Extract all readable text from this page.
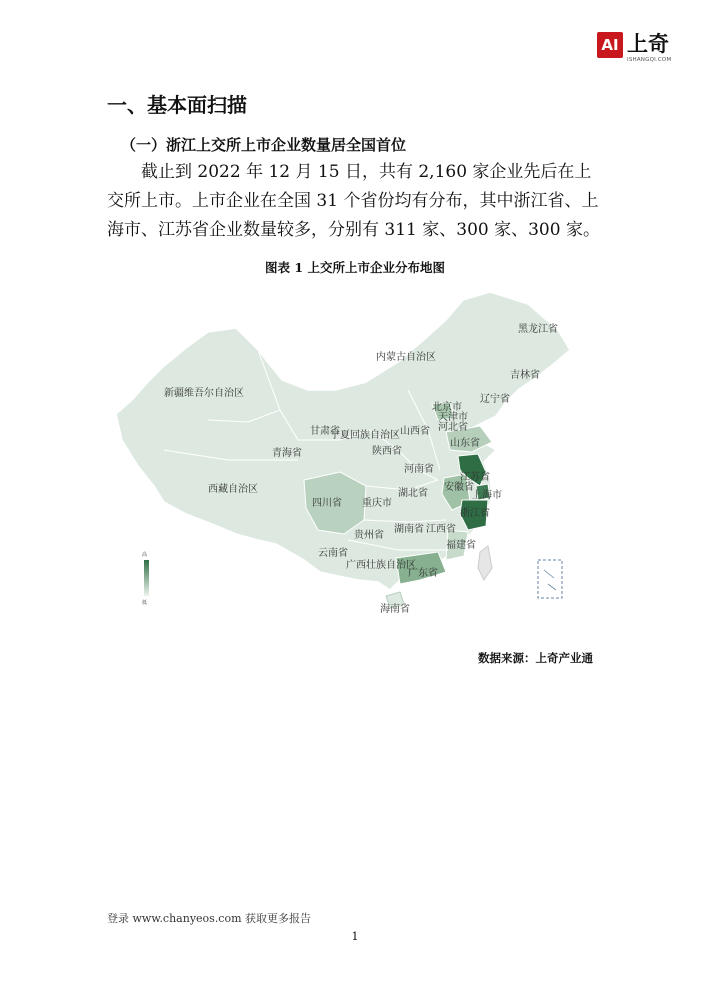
AI 上奇
ISHANGQI.COM
一、基本面扫描
（一）浙江上交所上市企业数量居全国首位

截止到 2022 年 12 月 15 日，共有 2,160 家企业先后在上交所上市。上市企业在全国 31 个省份均有分布，其中浙江省、上海市、江苏省企业数量较多，分别有 311 家、300 家、300 家。

图表 1 上交所上市企业分布地图
高
低
黑龙江省
吉林省
辽宁省
内蒙古自治区
北京市
天津市
河北省
山西省
山东省
新疆维吾尔自治区
甘肃省
宁夏回族自治区
陕西省
青海省
河南省
江苏省
安徽省
上海市
湖北省
浙江省
西藏自治区
四川省 重庆市
湖南省 江西省
贵州省
福建省
云南省
广西壮族自治区
广东省
海南省
数据来源：上奇产业通
登录 www.chanyeos.com 获取更多报告
1
